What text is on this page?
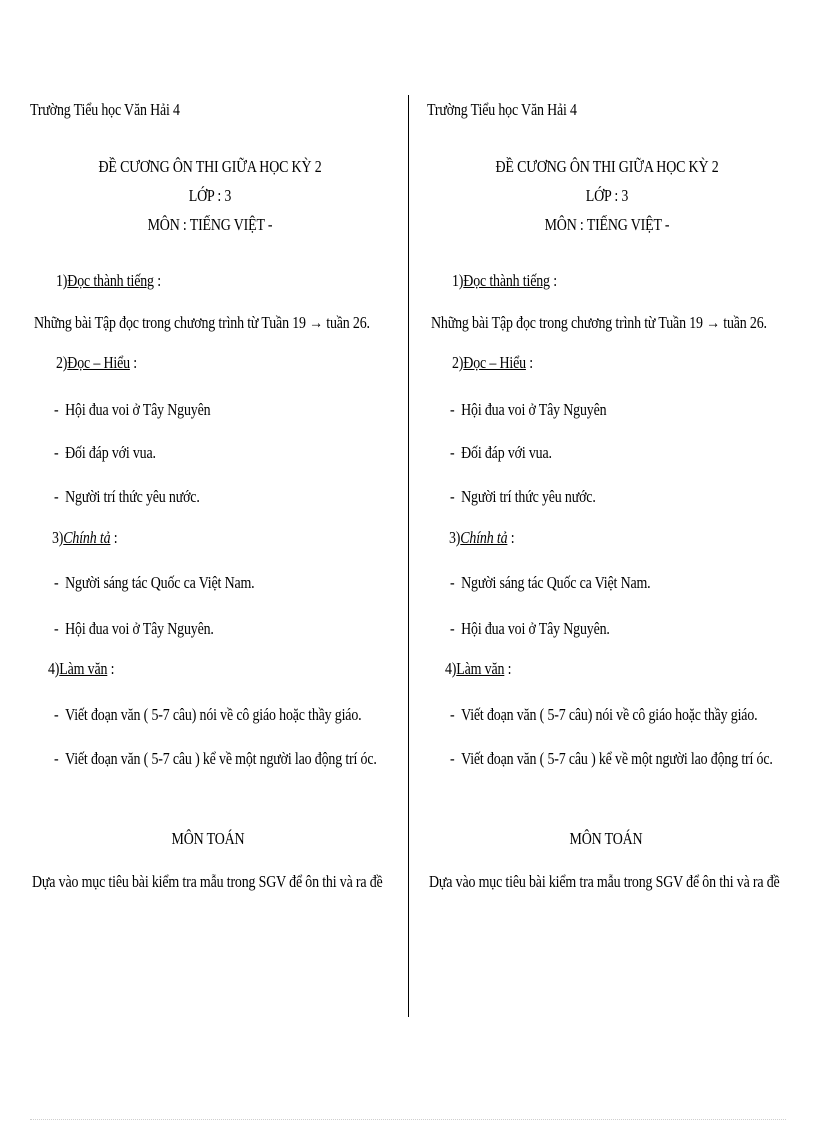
Trường Tiểu học Văn Hải 4
ĐỀ CƯƠNG ÔN THI GIỮA HỌC KỲ 2
LỚP : 3
MÔN : TIẾNG VIỆT -
1)Đọc thành tiếng :
Những bài Tập đọc trong chương trình từ Tuần 19 → tuần 26.
2)Đọc – Hiểu :
- Hội đua voi ở Tây Nguyên
- Đối đáp với vua.
- Người trí thức yêu nước.
3)Chính tả :
- Người sáng tác Quốc ca Việt Nam.
- Hội đua voi ở Tây Nguyên.
4)Làm văn :
- Viết đoạn văn ( 5-7 câu) nói về cô giáo hoặc thầy giáo.
- Viết đoạn văn ( 5-7 câu ) kể về một người lao động trí óc.
MÔN TOÁN
Dựa vào mục tiêu bài kiểm tra mẫu trong SGV để ôn thi và ra đề
Trường Tiểu học Văn Hải 4
ĐỀ CƯƠNG ÔN THI GIỮA HỌC KỲ 2
LỚP : 3
MÔN : TIẾNG VIỆT -
1)Đọc thành tiếng :
Những bài Tập đọc trong chương trình từ Tuần 19 → tuần 26.
2)Đọc – Hiểu :
- Hội đua voi ở Tây Nguyên
- Đối đáp với vua.
- Người trí thức yêu nước.
3)Chính tả :
- Người sáng tác Quốc ca Việt Nam.
- Hội đua voi ở Tây Nguyên.
4)Làm văn :
- Viết đoạn văn ( 5-7 câu) nói về cô giáo hoặc thầy giáo.
- Viết đoạn văn ( 5-7 câu ) kể về một người lao động trí óc.
MÔN TOÁN
Dựa vào mục tiêu bài kiểm tra mẫu trong SGV để ôn thi và ra đề
